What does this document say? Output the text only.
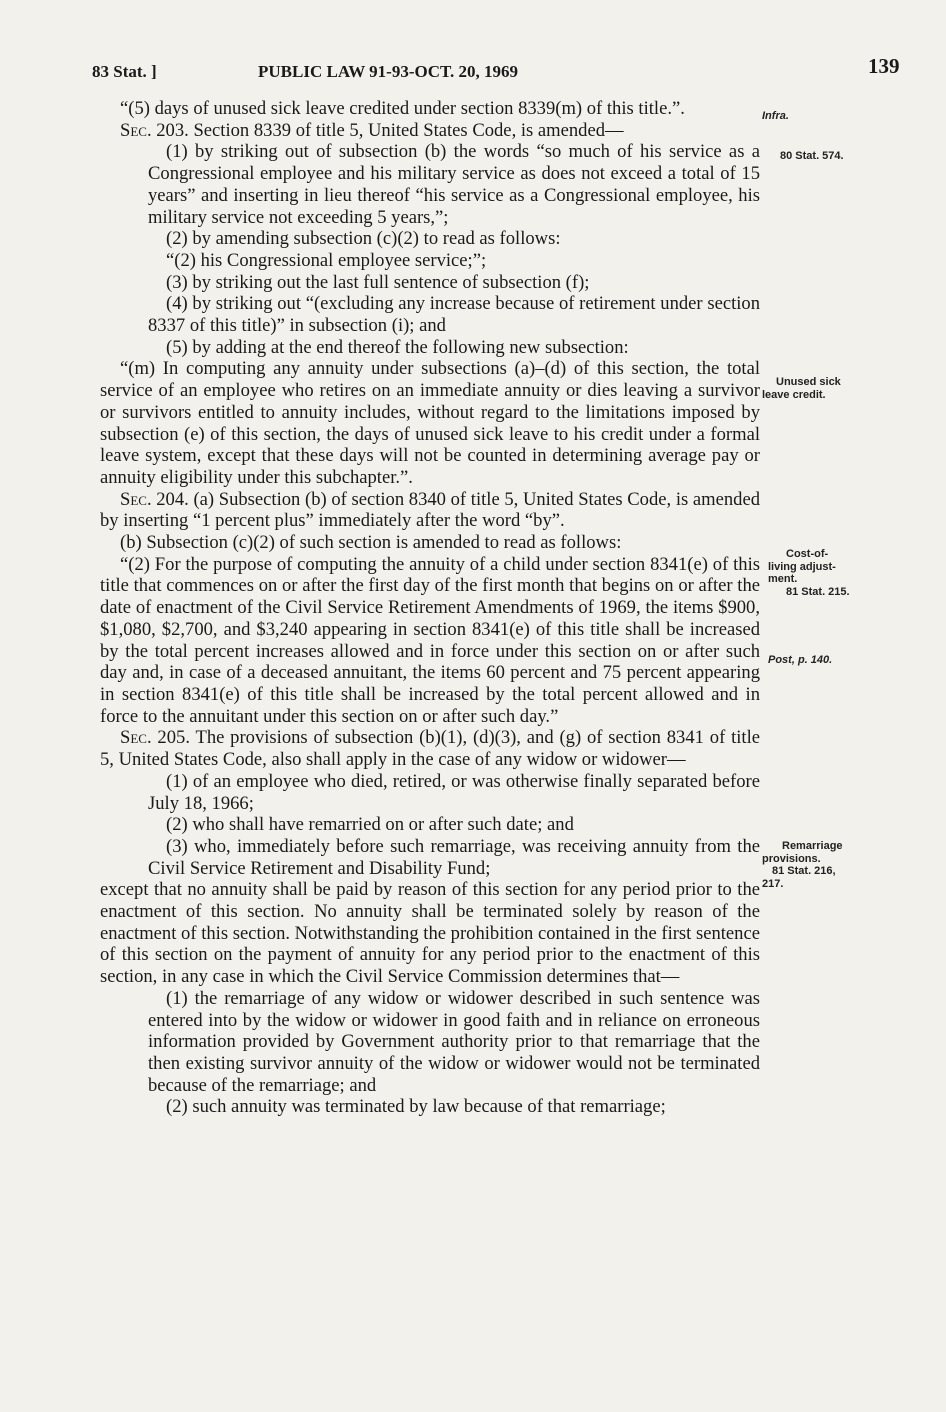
83 Stat. ]	PUBLIC LAW 91-93-OCT. 20, 1969	139

“(5) days of unused sick leave credited under section 8339(m) of this title.”.

Sec. 203. Section 8339 of title 5, United States Code, is amended—

(1) by striking out of subsection (b) the words “so much of his service as a Congressional employee and his military service as does not exceed a total of 15 years” and inserting in lieu thereof “his service as a Congressional employee, his military service not exceeding 5 years,”;

(2) by amending subsection (c)(2) to read as follows:

“(2) his Congressional employee service;”;

(3) by striking out the last full sentence of subsection (f);

(4) by striking out “(excluding any increase because of retirement under section 8337 of this title)” in subsection (i); and

(5) by adding at the end thereof the following new subsection:

“(m) In computing any annuity under subsections (a)–(d) of this section, the total service of an employee who retires on an immediate annuity or dies leaving a survivor or survivors entitled to annuity includes, without regard to the limitations imposed by subsection (e) of this section, the days of unused sick leave to his credit under a formal leave system, except that these days will not be counted in determining average pay or annuity eligibility under this subchapter.”.

Sec. 204. (a) Subsection (b) of section 8340 of title 5, United States Code, is amended by inserting “1 percent plus” immediately after the word “by”.

(b) Subsection (c)(2) of such section is amended to read as follows:

“(2) For the purpose of computing the annuity of a child under section 8341(e) of this title that commences on or after the first day of the first month that begins on or after the date of enactment of the Civil Service Retirement Amendments of 1969, the items $900, $1,080, $2,700, and $3,240 appearing in section 8341(e) of this title shall be increased by the total percent increases allowed and in force under this section on or after such day and, in case of a deceased annuitant, the items 60 percent and 75 percent appearing in section 8341(e) of this title shall be increased by the total percent allowed and in force to the annuitant under this section on or after such day.”

Sec. 205. The provisions of subsection (b)(1), (d)(3), and (g) of section 8341 of title 5, United States Code, also shall apply in the case of any widow or widower—

(1) of an employee who died, retired, or was otherwise finally separated before July 18, 1966;

(2) who shall have remarried on or after such date; and

(3) who, immediately before such remarriage, was receiving annuity from the Civil Service Retirement and Disability Fund;

except that no annuity shall be paid by reason of this section for any period prior to the enactment of this section. No annuity shall be terminated solely by reason of the enactment of this section. Notwithstanding the prohibition contained in the first sentence of this section on the payment of annuity for any period prior to the enactment of this section, in any case in which the Civil Service Commission determines that—

(1) the remarriage of any widow or widower described in such sentence was entered into by the widow or widower in good faith and in reliance on erroneous information provided by Government authority prior to that remarriage that the then existing survivor annuity of the widow or widower would not be terminated because of the remarriage; and

(2) such annuity was terminated by law because of that remarriage;

Infra.
80 Stat. 574.
Unused sick
leave credit.
Cost-of-
living adjust-
ment.
81 Stat. 215.
Post, p. 140.
Remarriage
provisions.
81 Stat. 216,
217.
